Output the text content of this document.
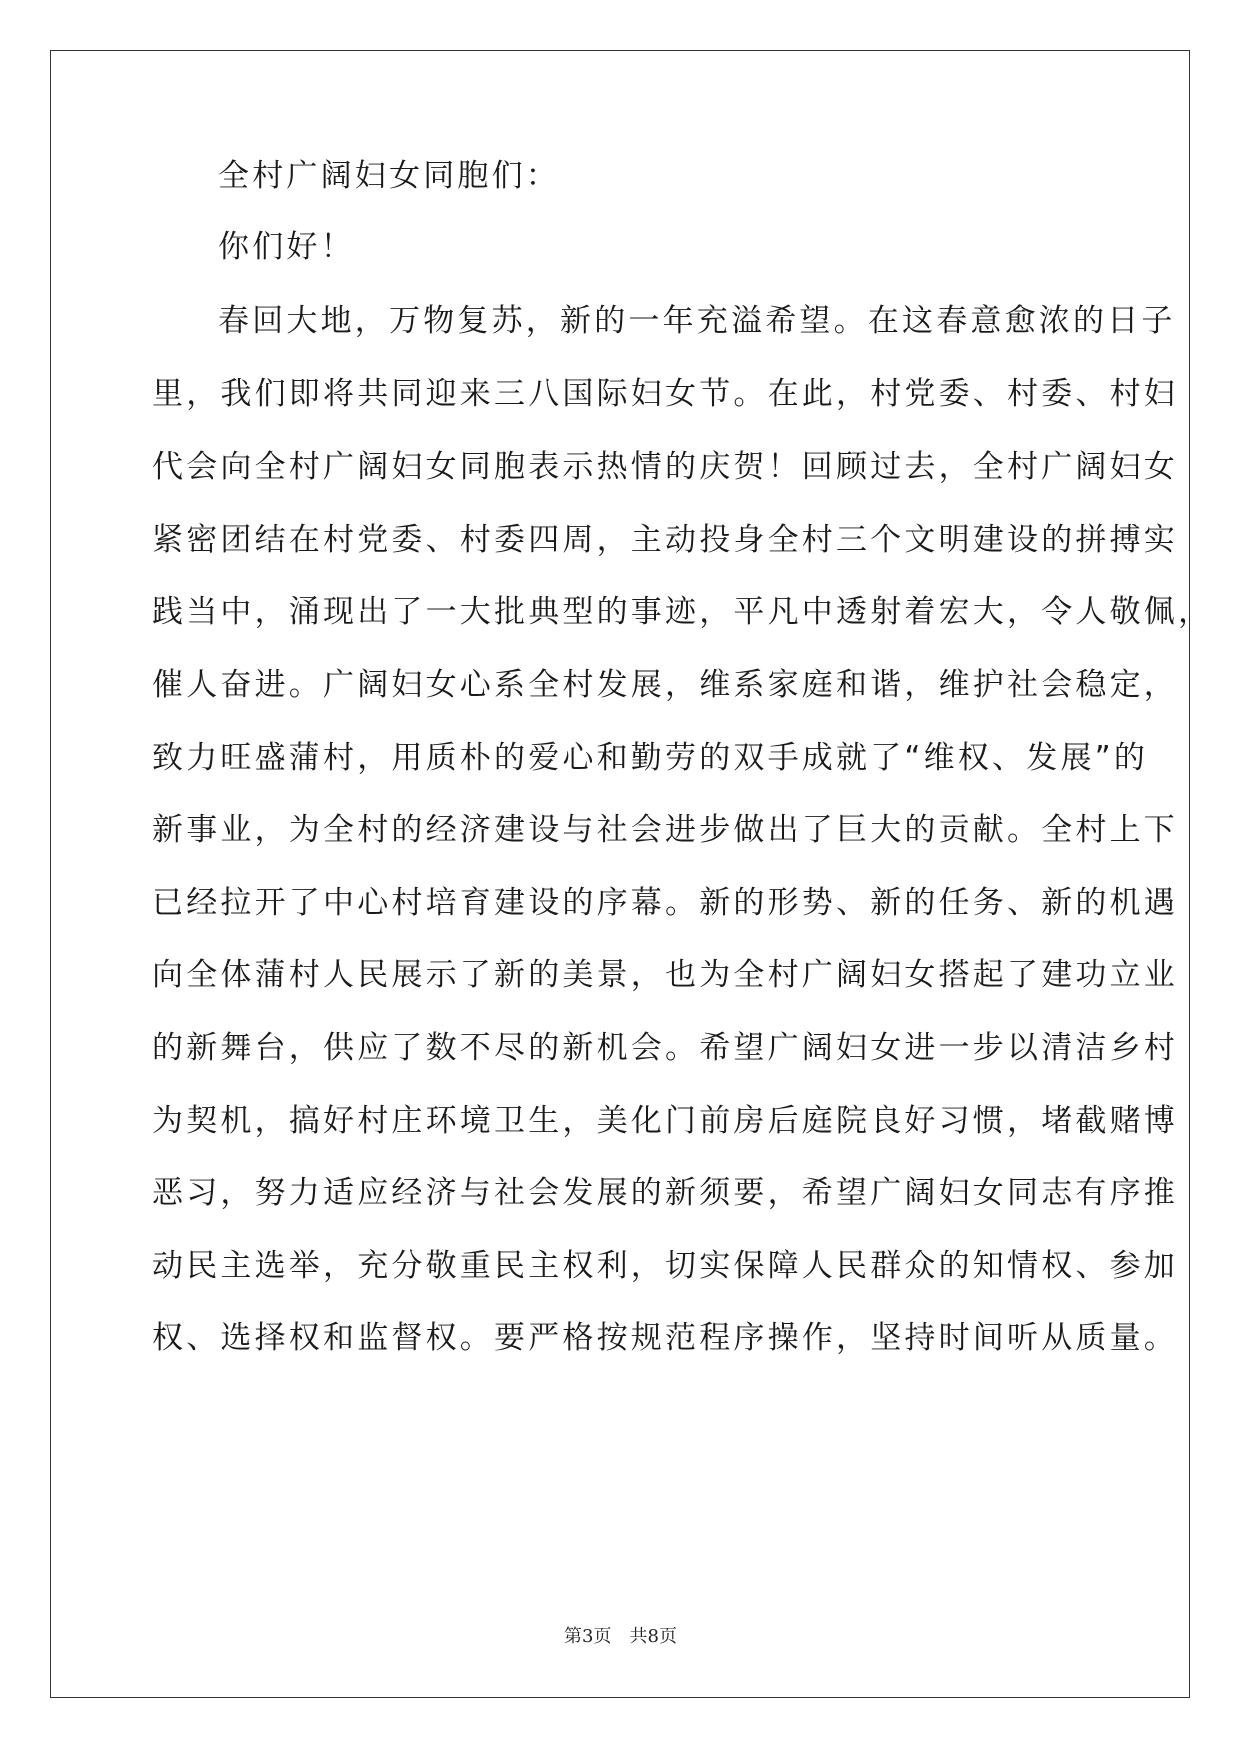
全村广阔妇女同胞们：
你们好！
春回大地，万物复苏，新的一年充溢希望。在这春意愈浓的日子
里，我们即将共同迎来三八国际妇女节。在此，村党委、村委、村妇
代会向全村广阔妇女同胞表示热情的庆贺！回顾过去，全村广阔妇女
紧密团结在村党委、村委四周，主动投身全村三个文明建设的拼搏实
践当中，涌现出了一大批典型的事迹，平凡中透射着宏大，令人敬佩，
催人奋进。广阔妇女心系全村发展，维系家庭和谐，维护社会稳定，
致力旺盛蒲村，用质朴的爱心和勤劳的双手成就了“维权、发展”的
新事业，为全村的经济建设与社会进步做出了巨大的贡献。全村上下
已经拉开了中心村培育建设的序幕。新的形势、新的任务、新的机遇
向全体蒲村人民展示了新的美景，也为全村广阔妇女搭起了建功立业
的新舞台，供应了数不尽的新机会。希望广阔妇女进一步以清洁乡村
为契机，搞好村庄环境卫生，美化门前房后庭院良好习惯，堵截赌博
恶习，努力适应经济与社会发展的新须要，希望广阔妇女同志有序推
动民主选举，充分敬重民主权利，切实保障人民群众的知情权、参加
权、选择权和监督权。要严格按规范程序操作，坚持时间听从质量。
第3页　共8页
